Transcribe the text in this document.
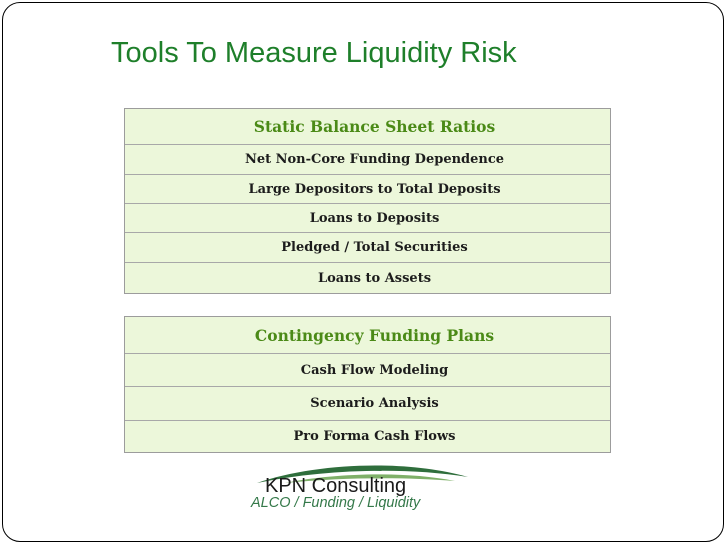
Tools To Measure Liquidity Risk
Static Balance Sheet Ratios
Net Non-Core Funding Dependence
Large Depositors to Total Deposits
Loans to Deposits
Pledged / Total Securities
Loans to Assets
Contingency Funding Plans
Cash Flow Modeling
Scenario Analysis
Pro Forma Cash Flows
KPN Consulting
ALCO / Funding / Liquidity
